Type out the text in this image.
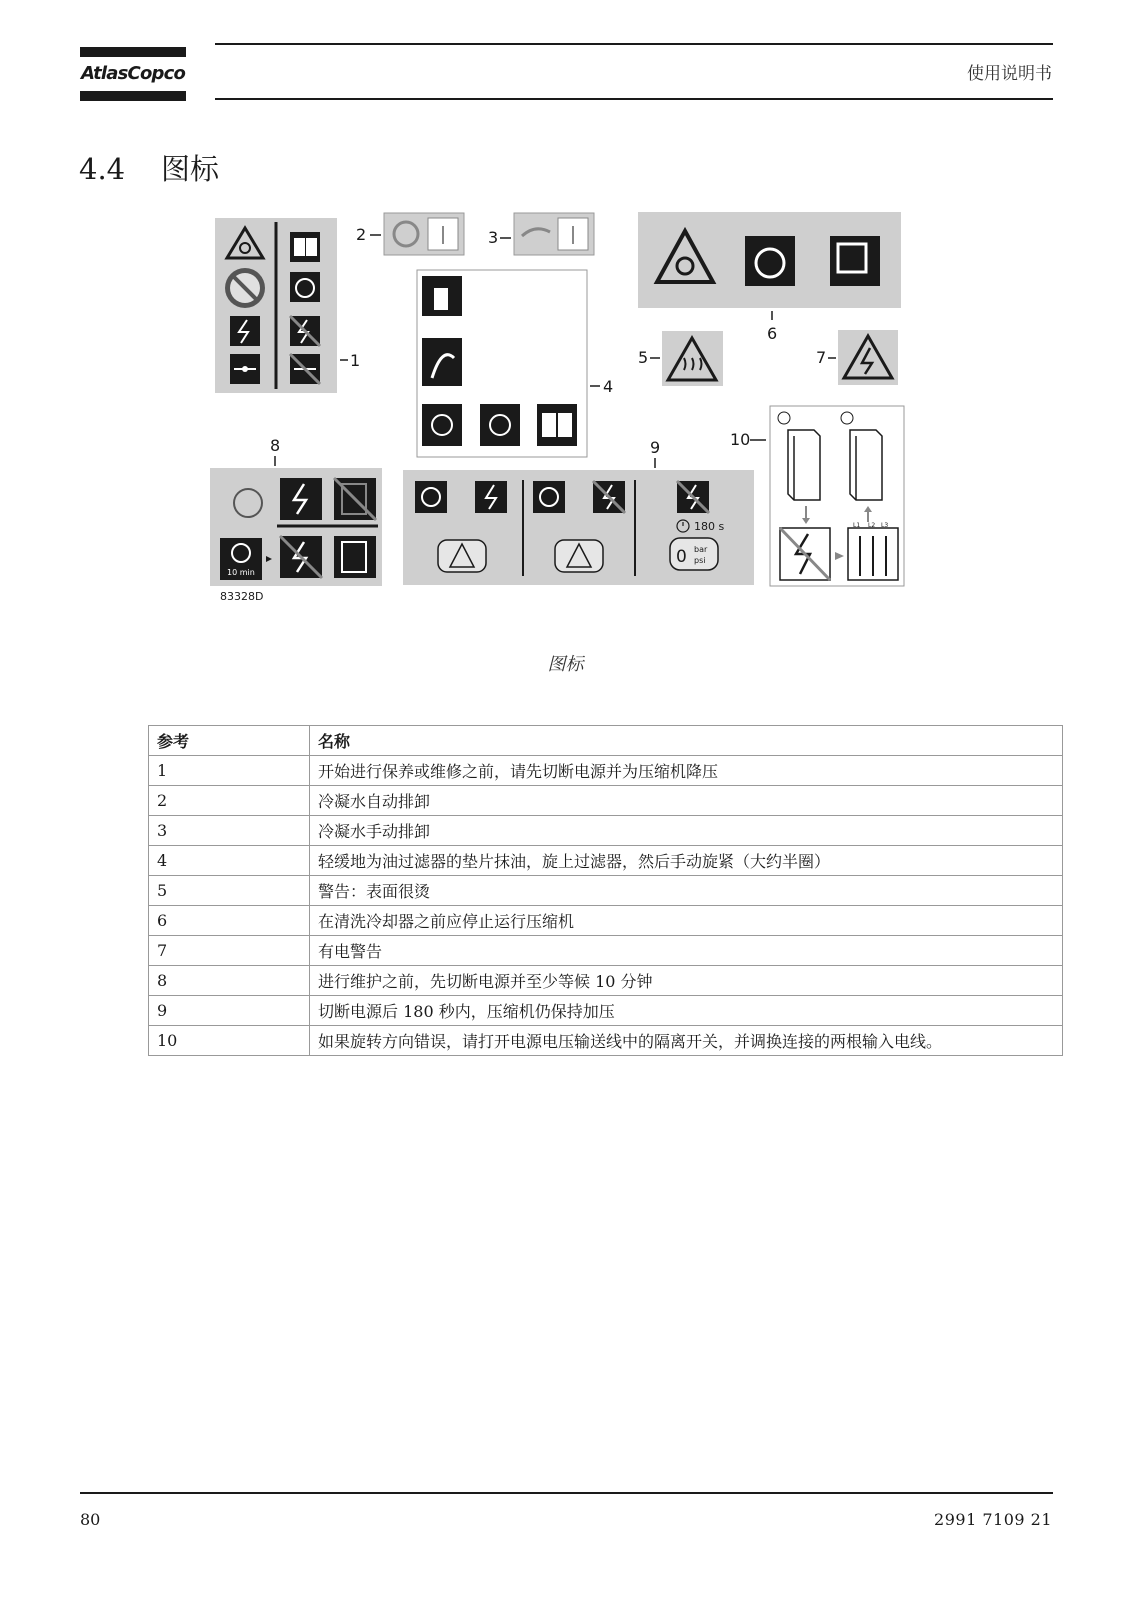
AtlasCopco	使用说明书
4.4 图标
1
2	3
4
6
5	7
8
10 min
83328D
9
180 s
0 bar
psi
10
L1 L2 L3
图标
参考	名称
1	开始进行保养或维修之前，请先切断电源并为压缩机降压
2	冷凝水自动排卸
3	冷凝水手动排卸
4	轻缓地为油过滤器的垫片抹油，旋上过滤器，然后手动旋紧（大约半圈）
5	警告：表面很烫
6	在清洗冷却器之前应停止运行压缩机
7	有电警告
8	进行维护之前，先切断电源并至少等候 10 分钟
9	切断电源后 180 秒内，压缩机仍保持加压
10	如果旋转方向错误，请打开电源电压输送线中的隔离开关，并调换连接的两根输入电线。
80	2991 7109 21
